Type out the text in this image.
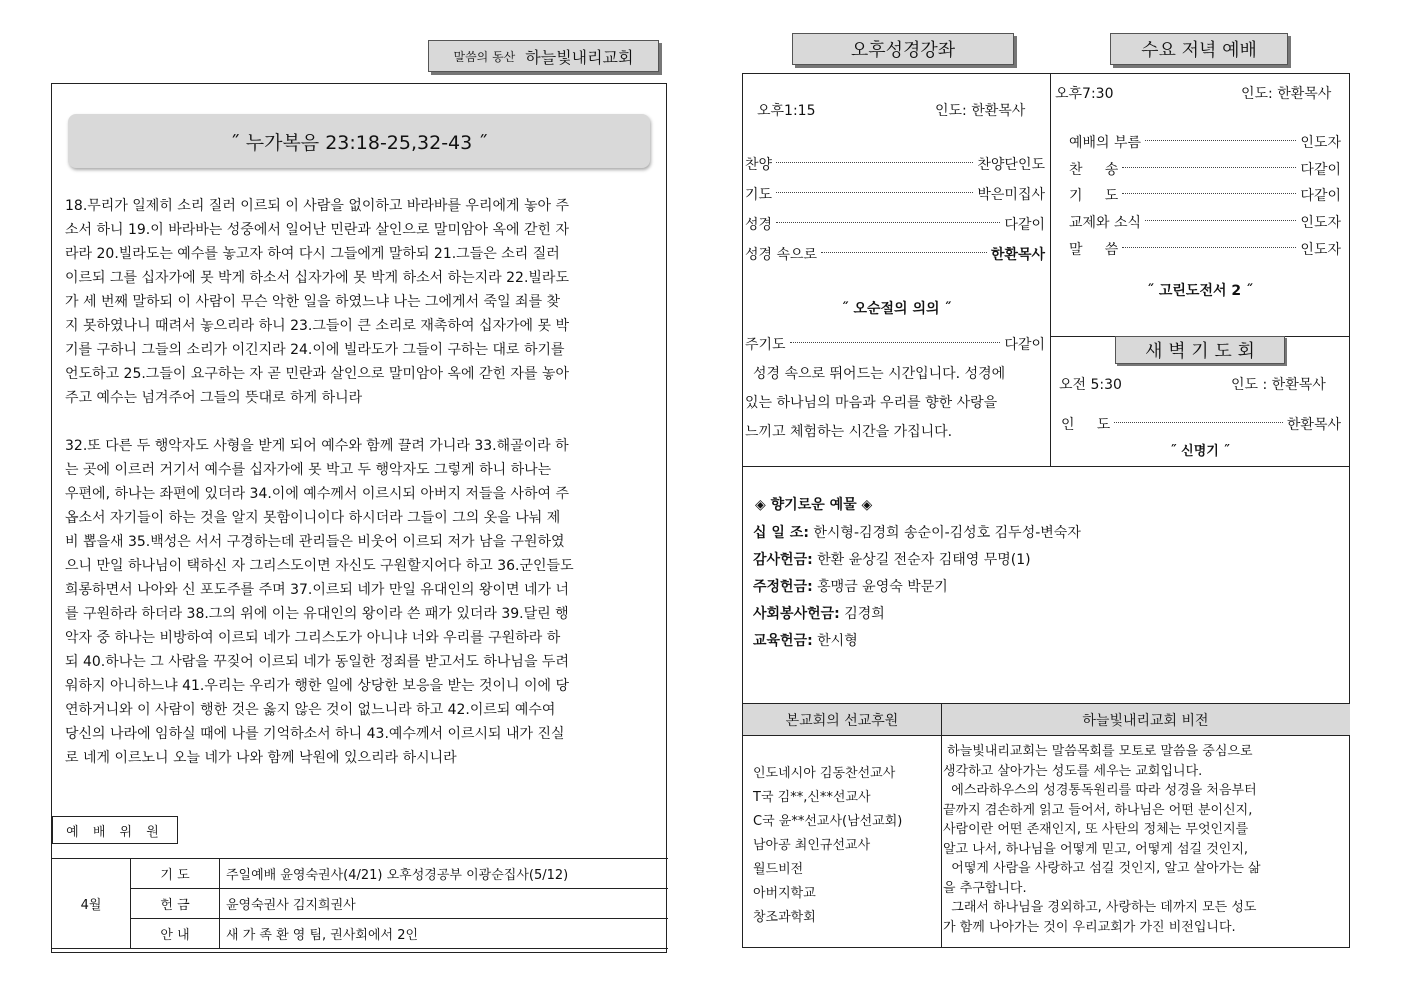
말씀의 동산 하늘빛내리교회
˝ 누가복음 23:18-25,32-43 ˝
18.무리가 일제히 소리 질러 이르되 이 사람을 없이하고 바라바를 우리에게 놓아 주
소서 하니 19.이 바라바는 성중에서 일어난 민란과 살인으로 말미암아 옥에 갇힌 자
라라 20.빌라도는 예수를 놓고자 하여 다시 그들에게 말하되 21.그들은 소리 질러
이르되 그를 십자가에 못 박게 하소서 십자가에 못 박게 하소서 하는지라 22.빌라도
가 세 번째 말하되 이 사람이 무슨 악한 일을 하였느냐 나는 그에게서 죽일 죄를 찾
지 못하였나니 때려서 놓으리라 하니 23.그들이 큰 소리로 재촉하여 십자가에 못 박
기를 구하니 그들의 소리가 이긴지라 24.이에 빌라도가 그들이 구하는 대로 하기를
언도하고 25.그들이 요구하는 자 곧 민란과 살인으로 말미암아 옥에 갇힌 자를 놓아
주고 예수는 넘겨주어 그들의 뜻대로 하게 하니라
32.또 다른 두 행악자도 사형을 받게 되어 예수와 함께 끌려 가니라 33.해골이라 하
는 곳에 이르러 거기서 예수를 십자가에 못 박고 두 행악자도 그렇게 하니 하나는
우편에, 하나는 좌편에 있더라 34.이에 예수께서 이르시되 아버지 저들을 사하여 주
옵소서 자기들이 하는 것을 알지 못함이니이다 하시더라 그들이 그의 옷을 나눠 제
비 뽑을새 35.백성은 서서 구경하는데 관리들은 비웃어 이르되 저가 남을 구원하였
으니 만일 하나님이 택하신 자 그리스도이면 자신도 구원할지어다 하고 36.군인들도
희롱하면서 나아와 신 포도주를 주며 37.이르되 네가 만일 유대인의 왕이면 네가 너
를 구원하라 하더라 38.그의 위에 이는 유대인의 왕이라 쓴 패가 있더라 39.달린 행
악자 중 하나는 비방하여 이르되 네가 그리스도가 아니냐 너와 우리를 구원하라 하
되 40.하나는 그 사람을 꾸짖어 이르되 네가 동일한 정죄를 받고서도 하나님을 두려
워하지 아니하느냐 41.우리는 우리가 행한 일에 상당한 보응을 받는 것이니 이에 당
연하거니와 이 사람이 행한 것은 옳지 않은 것이 없느니라 하고 42.이르되 예수여
당신의 나라에 임하실 때에 나를 기억하소서 하니 43.예수께서 이르시되 내가 진실
로 네게 이르노니 오늘 네가 나와 함께 낙원에 있으리라 하시니라
예 배 위 원
4월	기 도	주일예배 윤영숙권사(4/21) 오후성경공부 이광순집사(5/12)
	헌 금	윤영숙권사 김지희권사
	안 내	새 가 족 환 영 팀, 권사회에서 2인
오후성경강좌	수요 저녁 예배
오후1:15	인도: 한환목사
찬양	찬양단인도
기도	박은미집사
성경	다같이
성경 속으로	한환목사
˝ 오순절의 의의 ˝
주기도	다같이
성경 속으로 뛰어드는 시간입니다. 성경에
있는 하나님의 마음과 우리를 향한 사랑을
느끼고 체험하는 시간을 가집니다.
오후7:30	인도: 한환목사
예배의 부름	인도자
찬     송	다같이
기     도	다같이
교제와 소식	인도자
말     씀	인도자
˝ 고린도전서 2 ˝
새 벽 기 도 회
오전 5:30	인도 : 한환목사
인     도	한환목사
˝ 신명기 ˝
◈ 향기로운 예물 ◈
십 일 조: 한시형-김경희 송순이-김성호 김두성-변숙자
감사헌금: 한환 윤상길 전순자 김태영 무명(1)
주정헌금: 홍맹금 윤영숙 박문기
사회봉사헌금: 김경희
교육헌금: 한시형
본교회의 선교후원	하늘빛내리교회 비전
인도네시아 김동찬선교사
T국 김**,신**선교사
C국 윤**선교사(남선교회)
남아공 최인규선교사
월드비전
아버지학교
창조과학회
하늘빛내리교회는 말씀목회를 모토로 말씀을 중심으로
생각하고 살아가는 성도를 세우는 교회입니다.
에스라하우스의 성경통독원리를 따라 성경을 처음부터
끝까지 겸손하게 읽고 들어서, 하나님은 어떤 분이신지,
사람이란 어떤 존재인지, 또 사탄의 정체는 무엇인지를
알고 나서, 하나님을 어떻게 믿고, 어떻게 섬길 것인지,
어떻게 사람을 사랑하고 섬길 것인지, 알고 살아가는 삶
을 추구합니다.
그래서 하나님을 경외하고, 사랑하는 데까지 모든 성도
가 함께 나아가는 것이 우리교회가 가진 비전입니다.
